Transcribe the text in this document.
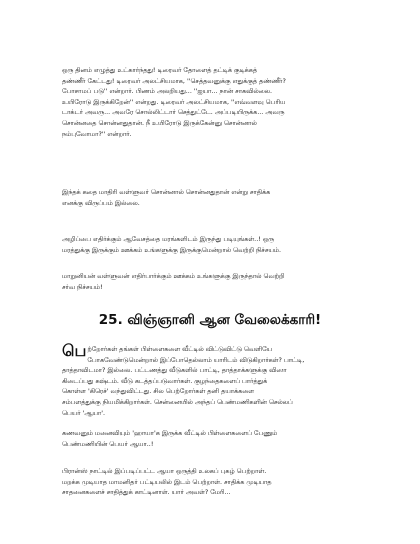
ஒரு தினம் எழுத்து உட்கார்ந்தது! டிரைவர் தோளைத் தட்டிக் குடிக்கத்
தண்ணீர் கேட்டது! டிரைவர் அலட்சியமாக, ''செத்தவனுக்கு எதுக்குத் தண்ணீர்?
போசாமப் படு'' என்றார். பிணம் அலறியது... ''ஐயா... நான் சாகவில்லை.
உயிரோடு இருக்கிறேன்'' என்றது. டிரைவர் அலட்சியமாக, ''எவ்வளவு பெரிய
டாக்டர் அவரு... அவரே சொல்லிட்டார் செத்துட்டே. அப்படியிருக்க... அவரு
சொன்னதை சொன்னதுதான். நீ உயிரோடு இருக்கேன்னு சொன்னால்
நம்புவோமா?'' என்றார்.

இந்தக் கதை மாதிரி வள்ளுவர் சொன்னால் சொன்னதுதான் என்று சாதிக்க
எனக்கு விருப்பம் இல்லை.

அழிப்பை எதிர்க்கும் ஆவேசத்தை மரங்களிடம் இருந்து படியுங்கள்..! ஒரு
மரத்துக்கு இருக்கும் ஊக்கம் உங்களுக்கு இருக்குமென்றால் வெற்றி நிச்சயம்.

மாறுனியன் வள்ளுவன் எதிர்பார்க்கும் ஊக்கம் உங்களுக்கு இருந்தால் வெற்றி
சர்வ நிச்சயம்!

25. விஞ்ஞானி ஆன வேலைக்காரி!
பெற்றோர்கள் தங்கள் பிள்ளைகளை வீட்டில் விட்டுவிட்டு வெளியே
போகவேண்டுமென்றால் இப்போதெல்லாம் யாரிடம் விடுகிறார்கள்? பாட்டி,
தாத்தாவிடமா? இல்லை. பட்டணத்து வீடுகளில் பாட்டி, தாத்தாக்களுக்கு விஸா
கிடைப்பது கஷ்டம். வீடு கடத்தப்படுவார்கள். குழந்தைகளைப் பார்த்துக்
கொள்ள 'கிரெச்' வந்துவிட்டது. சில பெற்றோர்கள் தனி தயாக்களை
சம்பளத்துக்கு நியமிக்கிறார்கள். சென்னையில் அந்தப் பெண்மணிகளின் செல்லப்
பெயர் 'ஆயா'.

கணவனும் மனைவியும் 'ஹாயா'க இருக்க வீட்டில் பிள்ளைகளைப் பேணும்
பெண்மணியின் பெயர் ஆயா..!

பிரான்ஸ் நாட்டில் இப்படிப்பட்ட ஆயா ஒருத்தி உலகப் புகழ் பெற்றாள்.
மறக்க முடியாத மாமனிதர் பட்டியலில் இடம் பெற்றாள். சாதிக்க முடியாத
சாதனைகளைச் சாதித்துக் காட்டினாள். யார் அவள்? மேரி...
